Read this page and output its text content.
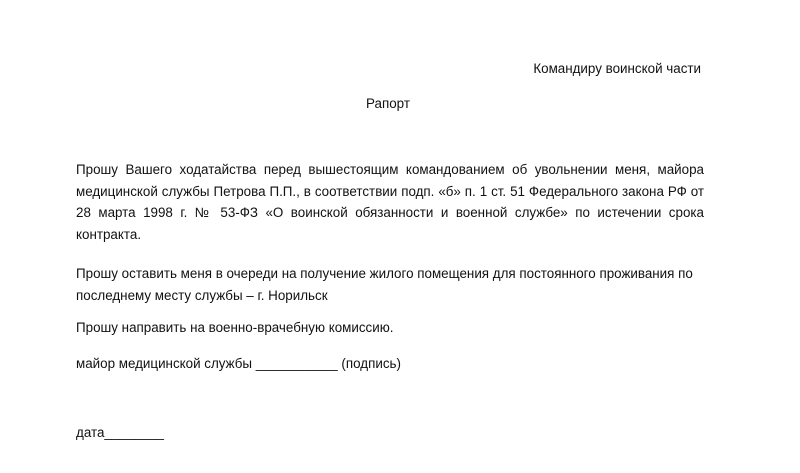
Командиру воинской части
Рапорт

Прошу Вашего ходатайства перед вышестоящим командованием об увольнении меня, майора медицинской службы Петрова П.П., в соответствии подп. «б» п. 1 ст. 51 Федерального закона РФ от 28 марта 1998 г. № 53-ФЗ «О воинской обязанности и военной службе» по истечении срока контракта.

Прошу оставить меня в очереди на получение жилого помещения для постоянного проживания по последнему месту службы – г. Норильск

Прошу направить на военно-врачебную комиссию.

майор медицинской службы ___________ (подпись)
дата________
